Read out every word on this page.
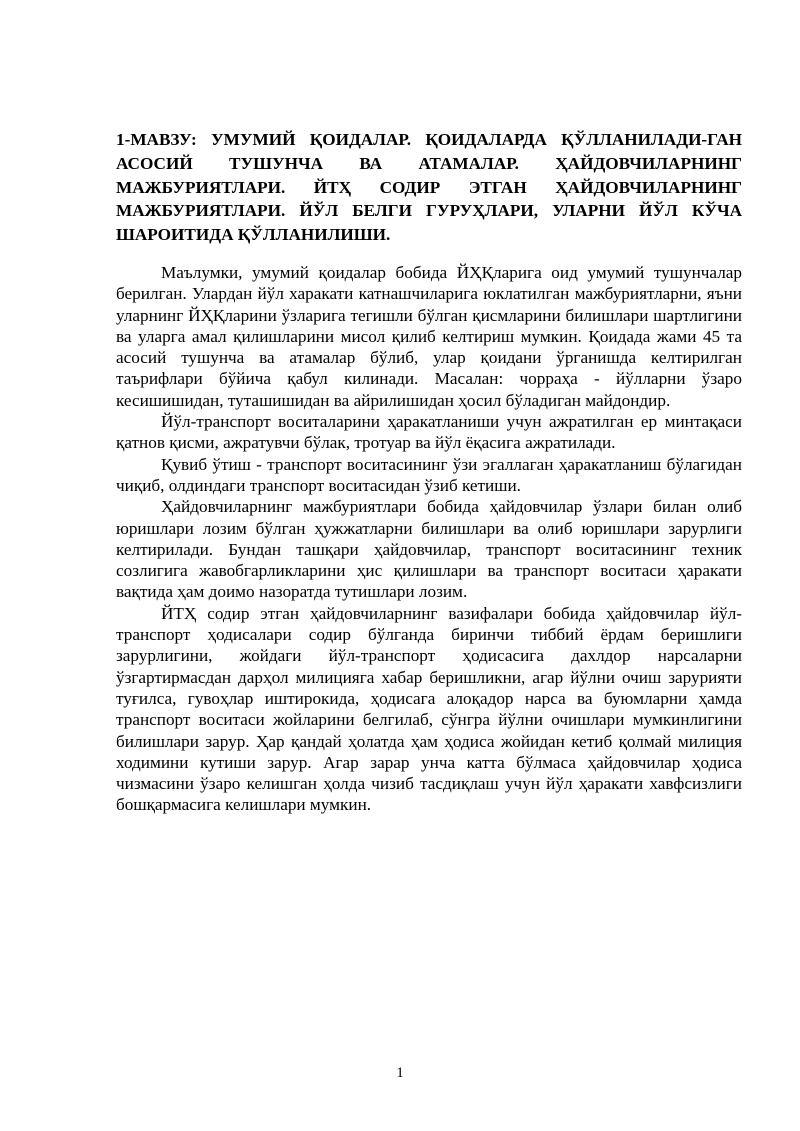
1-МАВЗУ: УМУМИЙ ҚОИДАЛАР. ҚОИДАЛАРДА ҚЎЛЛАНИЛАДИ-ГАН АСОСИЙ ТУШУНЧА ВА АТАМАЛАР. ҲАЙДОВЧИЛАРНИНГ МАЖБУРИЯТЛАРИ. ЙТҲ СОДИР ЭТГАН ҲАЙДОВЧИЛАРНИНГ МАЖБУРИЯТЛАРИ. ЙЎЛ БЕЛГИ ГУРУҲЛАРИ, УЛАРНИ ЙЎЛ КЎЧА ШАРОИТИДА ҚЎЛЛАНИЛИШИ.

Маълумки, умумий қоидалар бобида ЙҲҚларига оид умумий тушунчалар берилган. Улардан йўл харакати катнашчиларига юклатилган мажбуриятларни, яъни уларнинг ЙҲҚларини ўзларига тегишли бўлган қисмларини билишлари шартлигини ва уларга амал қилишларини мисол қилиб келтириш мумкин. Қоидада жами 45 та асосий тушунча ва атамалар бўлиб, улар қоидани ўрганишда келтирилган таърифлари бўйича қабул килинади. Масалан: чорраҳа - йўлларни ўзаро кесишишидан, туташишидан ва айрилишидан ҳосил бўладиган майдондир.

Йўл-транспорт воситаларини ҳаракатланиши учун ажратилган ер минтақаси қатнов қисми, ажратувчи бўлак, тротуар ва йўл ёқасига ажратилади.

Қувиб ўтиш - транспорт воситасининг ўзи эгаллаган ҳаракатланиш бўлагидан чиқиб, олдиндаги транспорт воситасидан ўзиб кетиши.

Ҳайдовчиларнинг мажбуриятлари бобида ҳайдовчилар ўзлари билан олиб юришлари лозим бўлган ҳужжатларни билишлари ва олиб юришлари зарурлиги келтирилади. Бундан ташқари ҳайдовчилар, транспорт воситасининг техник созлигига жавобгарликларини ҳис қилишлари ва транспорт воситаси ҳаракати вақтида ҳам доимо назоратда тутишлари лозим.

ЙТҲ содир этган ҳайдовчиларнинг вазифалари бобида ҳайдовчилар йўл-транспорт ҳодисалари содир бўлганда биринчи тиббий ёрдам беришлиги зарурлигини, жойдаги йўл-транспорт ҳодисасига дахлдор нарсаларни ўзгартирмасдан дарҳол милицияга хабар беришликни, агар йўлни очиш зарурияти туғилса, гувоҳлар иштирокида, ҳодисага алоқадор нарса ва буюмларни ҳамда транспорт воситаси жойларини белгилаб, сўнгра йўлни очишлари мумкинлигини билишлари зарур. Ҳар қандай ҳолатда ҳам ҳодиса жойидан кетиб қолмай милиция ходимини кутиши зарур. Агар зарар унча катта бўлмаса ҳайдовчилар ҳодиса чизмасини ўзаро келишган ҳолда чизиб тасдиқлаш учун йўл ҳаракати хавфсизлиги бошқармасига келишлари мумкин.

1
